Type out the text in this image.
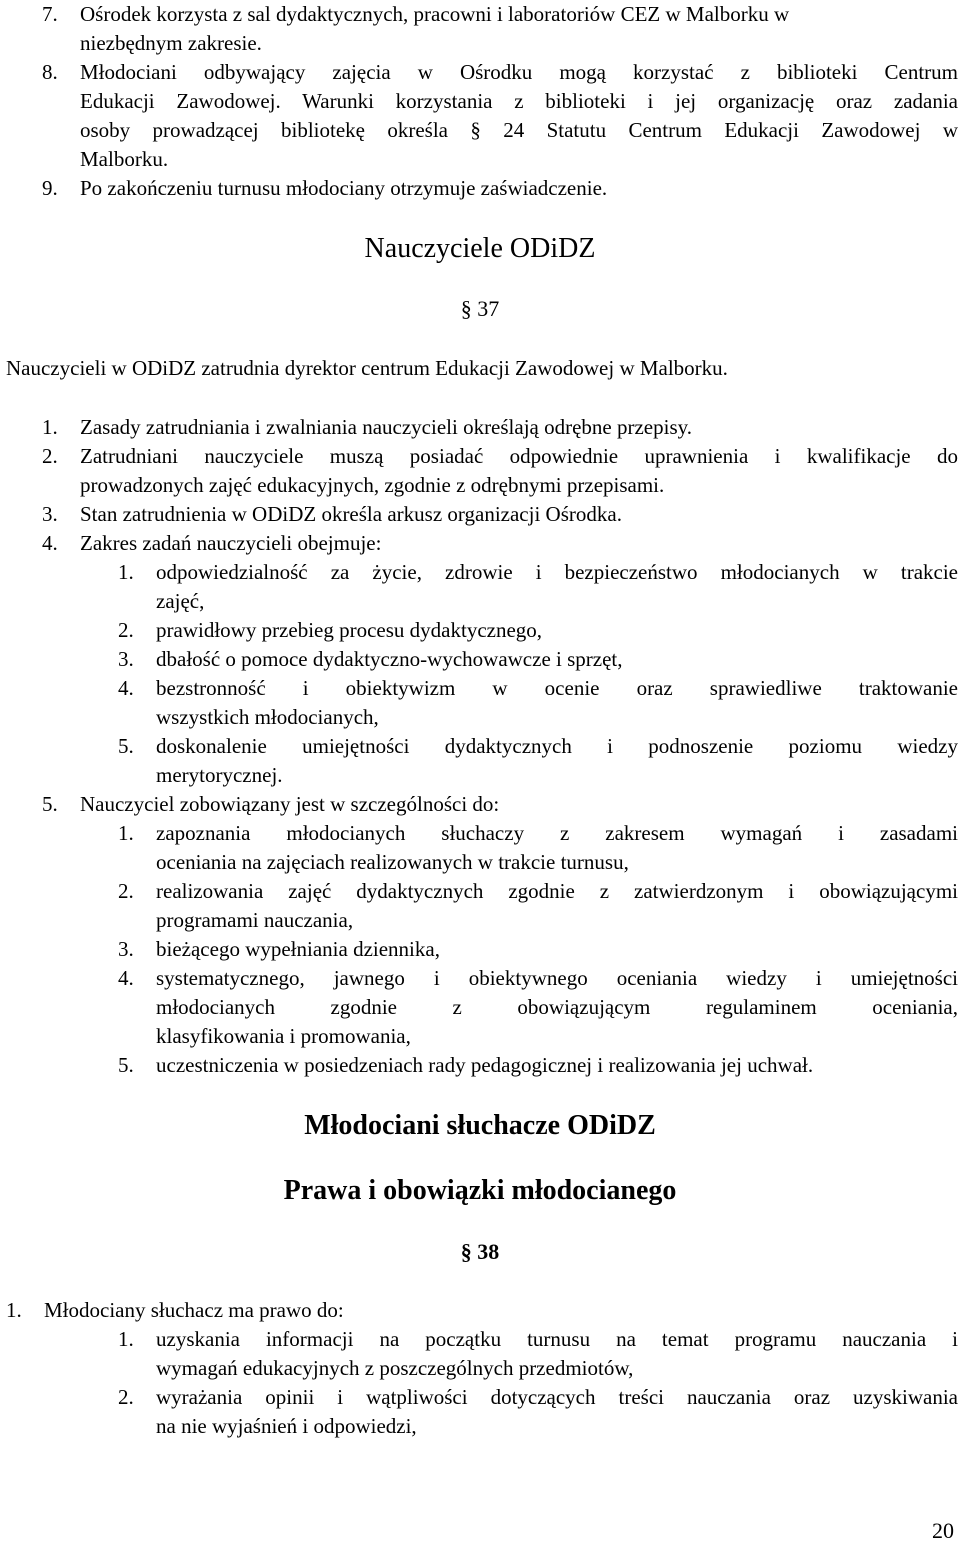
7. Ośrodek korzysta z sal dydaktycznych, pracowni i laboratoriów CEZ w Malborku w
niezbędnym zakresie.
8. Młodociani odbywający zajęcia w Ośrodku mogą korzystać z biblioteki Centrum
Edukacji Zawodowej. Warunki korzystania z biblioteki i jej organizację oraz zadania
osoby prowadzącej bibliotekę określa § 24 Statutu Centrum Edukacji Zawodowej w
Malborku.
9. Po zakończeniu turnusu młodociany otrzymuje zaświadczenie.
Nauczyciele ODiDZ
§ 37
Nauczycieli w ODiDZ zatrudnia dyrektor centrum Edukacji Zawodowej w Malborku.
1. Zasady zatrudniania i zwalniania nauczycieli określają odrębne przepisy.
2. Zatrudniani nauczyciele muszą posiadać odpowiednie uprawnienia i kwalifikacje do
prowadzonych zajęć edukacyjnych, zgodnie z odrębnymi przepisami.
3. Stan zatrudnienia w ODiDZ określa arkusz organizacji Ośrodka.
4. Zakres zadań nauczycieli obejmuje:
1. odpowiedzialność za życie, zdrowie i bezpieczeństwo młodocianych w trakcie
zajęć,
2. prawidłowy przebieg procesu dydaktycznego,
3. dbałość o pomoce dydaktyczno-wychowawcze i sprzęt,
4. bezstronność i obiektywizm w ocenie oraz sprawiedliwe traktowanie
wszystkich młodocianych,
5. doskonalenie umiejętności dydaktycznych i podnoszenie poziomu wiedzy
merytorycznej.
5. Nauczyciel zobowiązany jest w szczególności do:
1. zapoznania młodocianych słuchaczy z zakresem wymagań i zasadami
oceniania na zajęciach realizowanych w trakcie turnusu,
2. realizowania zajęć dydaktycznych zgodnie z zatwierdzonym i obowiązującymi
programami nauczania,
3. bieżącego wypełniania dziennika,
4. systematycznego, jawnego i obiektywnego oceniania wiedzy i umiejętności
młodocianych zgodnie z obowiązującym regulaminem oceniania,
klasyfikowania i promowania,
5. uczestniczenia w posiedzeniach rady pedagogicznej i realizowania jej uchwał.
Młodociani słuchacze ODiDZ
Prawa i obowiązki młodocianego
§ 38
1. Młodociany słuchacz ma prawo do:
1. uzyskania informacji na początku turnusu na temat programu nauczania i
wymagań edukacyjnych z poszczególnych przedmiotów,
2. wyrażania opinii i wątpliwości dotyczących treści nauczania oraz uzyskiwania
na nie wyjaśnień i odpowiedzi,
20
